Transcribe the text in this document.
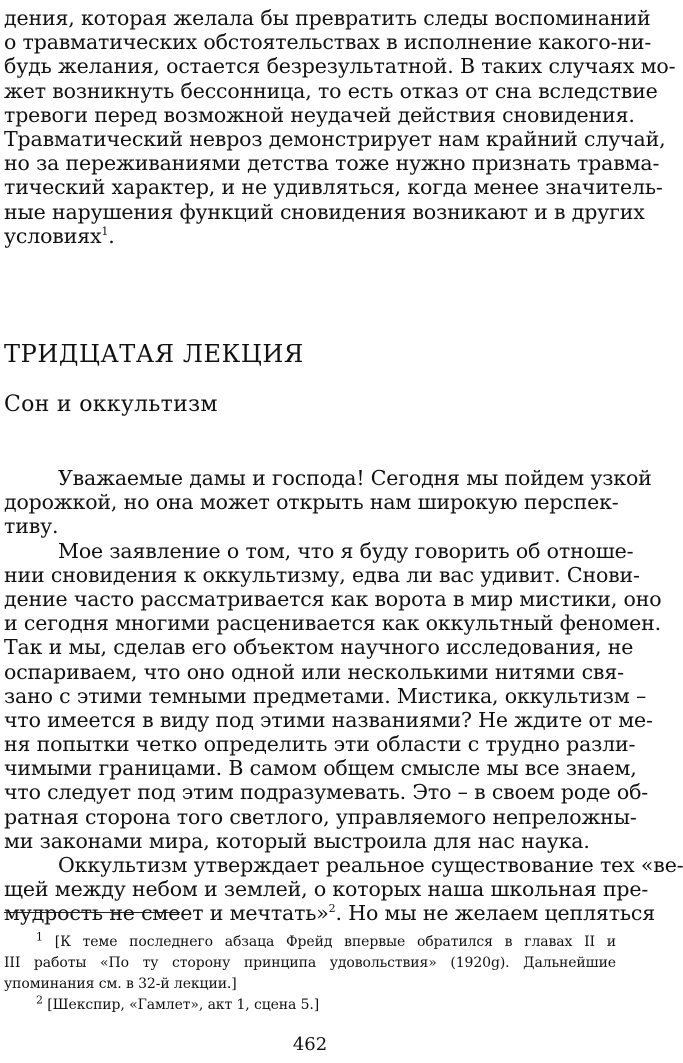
дения, которая желала бы превратить следы воспоминаний
о травматических обстоятельствах в исполнение какого-ни-
будь желания, остается безрезультатной. В таких случаях мо-
жет возникнуть бессонница, то есть отказ от сна вследствие
тревоги перед возможной неудачей действия сновидения.
Травматический невроз демонстрирует нам крайний случай,
но за переживаниями детства тоже нужно признать травма-
тический характер, и не удивляться, когда менее значитель-
ные нарушения функций сновидения возникают и в других
условиях$^1$.
ТРИДЦАТАЯ ЛЕКЦИЯ
Сон и оккультизм
Уважаемые дамы и господа! Сегодня мы пойдем узкой
дорожкой, но она может открыть нам широкую перспек-
тиву.
Мое заявление о том, что я буду говорить об отноше-
нии сновидения к оккультизму, едва ли вас удивит. Снови-
дение часто рассматривается как ворота в мир мистики, оно
и сегодня многими расценивается как оккультный феномен.
Так и мы, сделав его объектом научного исследования, не
оспариваем, что оно одной или несколькими нитями свя-
зано с этими темными предметами. Мистика, оккультизм –
что имеется в виду под этими названиями? Не ждите от ме-
ня попытки четко определить эти области с трудно разли-
чимыми границами. В самом общем смысле мы все знаем,
что следует под этим подразумевать. Это – в своем роде об-
ратная сторона того светлого, управляемого непреложны-
ми законами мира, который выстроила для нас наука.
Оккультизм утверждает реальное существование тех «ве-
щей между небом и землей, о которых наша школьная пре-
мудрость не смеет и мечтать»$^2$. Но мы не желаем цепляться
$^1$ [К теме последнего абзаца Фрейд впервые обратился в главах II и
III работы «По ту сторону принципа удовольствия» (1920g). Дальнейшие
упоминания см. в 32-й лекции.]
$^2$ [Шекспир, «Гамлет», акт 1, сцена 5.]
462
